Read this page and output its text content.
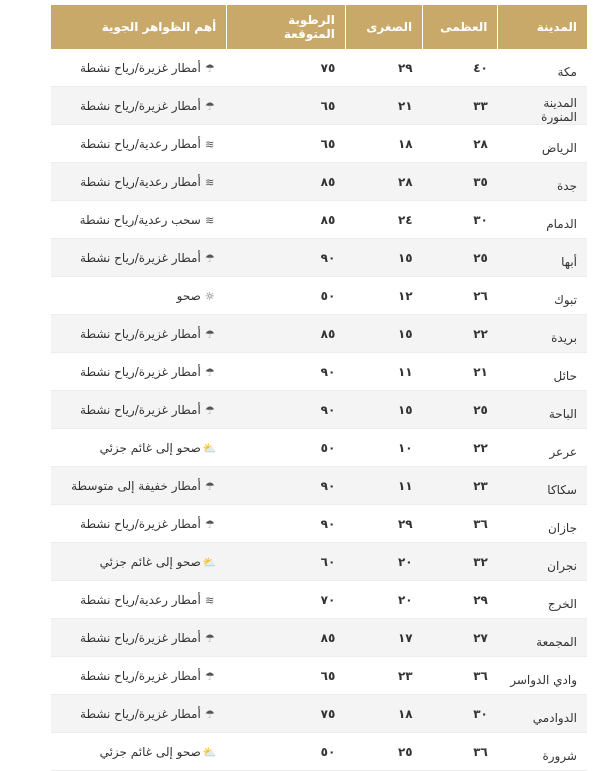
المدينة	العظمى	الصغرى	الرطوبة المتوقعة	أهم الظواهر الجوية
مكة	٤٠	٢٩	٧٥	☂أمطار غزيرة/رياح نشطة
المدينة المنورة	٣٣	٢١	٦٥	☂أمطار غزيرة/رياح نشطة
الرياض	٢٨	١٨	٦٥	≋أمطار رعدية/رياح نشطة
جدة	٣٥	٢٨	٨٥	≋أمطار رعدية/رياح نشطة
الدمام	٣٠	٢٤	٨٥	≋سحب رعدية/رياح نشطة
أبها	٢٥	١٥	٩٠	☂أمطار غزيرة/رياح نشطة
تبوك	٢٦	١٢	٥٠	☼صحو
بريدة	٢٢	١٥	٨٥	☂أمطار غزيرة/رياح نشطة
حائل	٢١	١١	٩٠	☂أمطار غزيرة/رياح نشطة
الباحة	٢٥	١٥	٩٠	☂أمطار غزيرة/رياح نشطة
عرعر	٢٢	١٠	٥٠	⛅صحو إلى غائم جزئي
سكاكا	٢٣	١١	٩٠	☂أمطار خفيفة إلى متوسطة
جازان	٣٦	٢٩	٩٠	☂أمطار غزيرة/رياح نشطة
نجران	٣٢	٢٠	٦٠	⛅صحو إلى غائم جزئي
الخرج	٢٩	٢٠	٧٠	≋أمطار رعدية/رياح نشطة
المجمعة	٢٧	١٧	٨٥	☂أمطار غزيرة/رياح نشطة
وادي الدواسر	٣٦	٢٣	٦٥	☂أمطار غزيرة/رياح نشطة
الدوادمي	٣٠	١٨	٧٥	☂أمطار غزيرة/رياح نشطة
شرورة	٣٦	٢٥	٥٠	⛅صحو إلى غائم جزئي
